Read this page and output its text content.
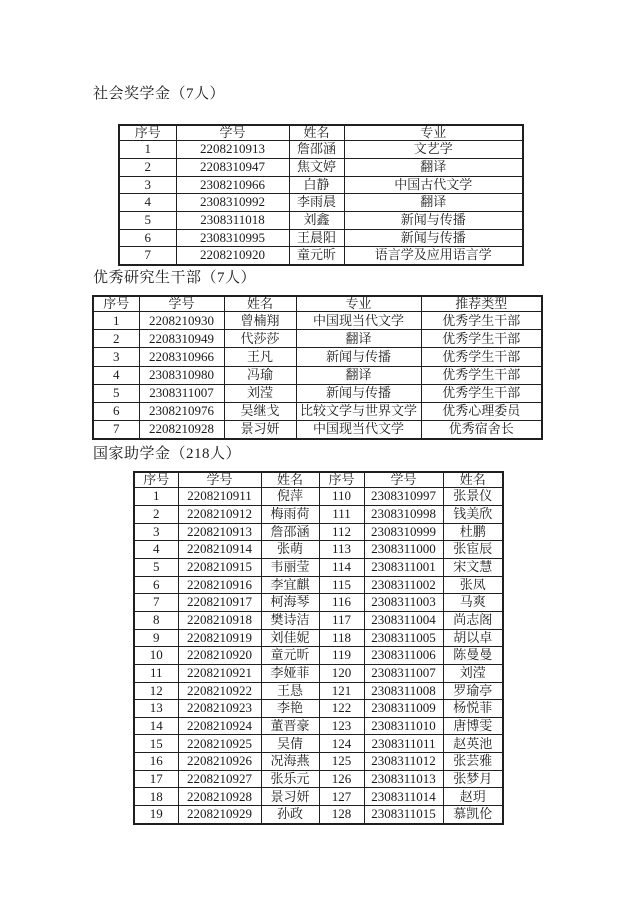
社会奖学金（7人）
序号	学号	姓名	专业
1	2208210913	詹邵涵	文艺学
2	2208310947	焦文婷	翻译
3	2308210966	白静	中国古代文学
4	2308310992	李雨晨	翻译
5	2308311018	刘鑫	新闻与传播
6	2308310995	王晨阳	新闻与传播
7	2208210920	童元昕	语言学及应用语言学
优秀研究生干部（7人）
序号	学号	姓名	专业	推荐类型
1	2208210930	曾楠翔	中国现当代文学	优秀学生干部
2	2208310949	代莎莎	翻译	优秀学生干部
3	2208310966	王凡	新闻与传播	优秀学生干部
4	2308310980	冯瑜	翻译	优秀学生干部
5	2308311007	刘滢	新闻与传播	优秀学生干部
6	2308210976	吴继戈	比较文学与世界文学	优秀心理委员
7	2208210928	景习妍	中国现当代文学	优秀宿舍长
国家助学金（218人）
序号	学号	姓名	序号	学号	姓名
1	2208210911	倪萍	110	2308310997	张景仪
2	2208210912	梅雨荷	111	2308310998	钱美欣
3	2208210913	詹邵涵	112	2308310999	杜鹏
4	2208210914	张萌	113	2308311000	张宦辰
5	2208210915	韦丽莹	114	2308311001	宋文慧
6	2208210916	李宜麒	115	2308311002	张凤
7	2208210917	柯海琴	116	2308311003	马爽
8	2208210918	樊诗洁	117	2308311004	尚志阁
9	2208210919	刘佳妮	118	2308311005	胡以卓
10	2208210920	童元昕	119	2308311006	陈曼曼
11	2208210921	李娅菲	120	2308311007	刘滢
12	2208210922	王恳	121	2308311008	罗瑜亭
13	2208210923	李艳	122	2308311009	杨悦菲
14	2208210924	董晋豪	123	2308311010	唐博雯
15	2208210925	吴倩	124	2308311011	赵英池
16	2208210926	况海燕	125	2308311012	张芸雅
17	2208210927	张乐元	126	2308311013	张梦月
18	2208210928	景习妍	127	2308311014	赵玥
19	2208210929	孙政	128	2308311015	慕凯伦
